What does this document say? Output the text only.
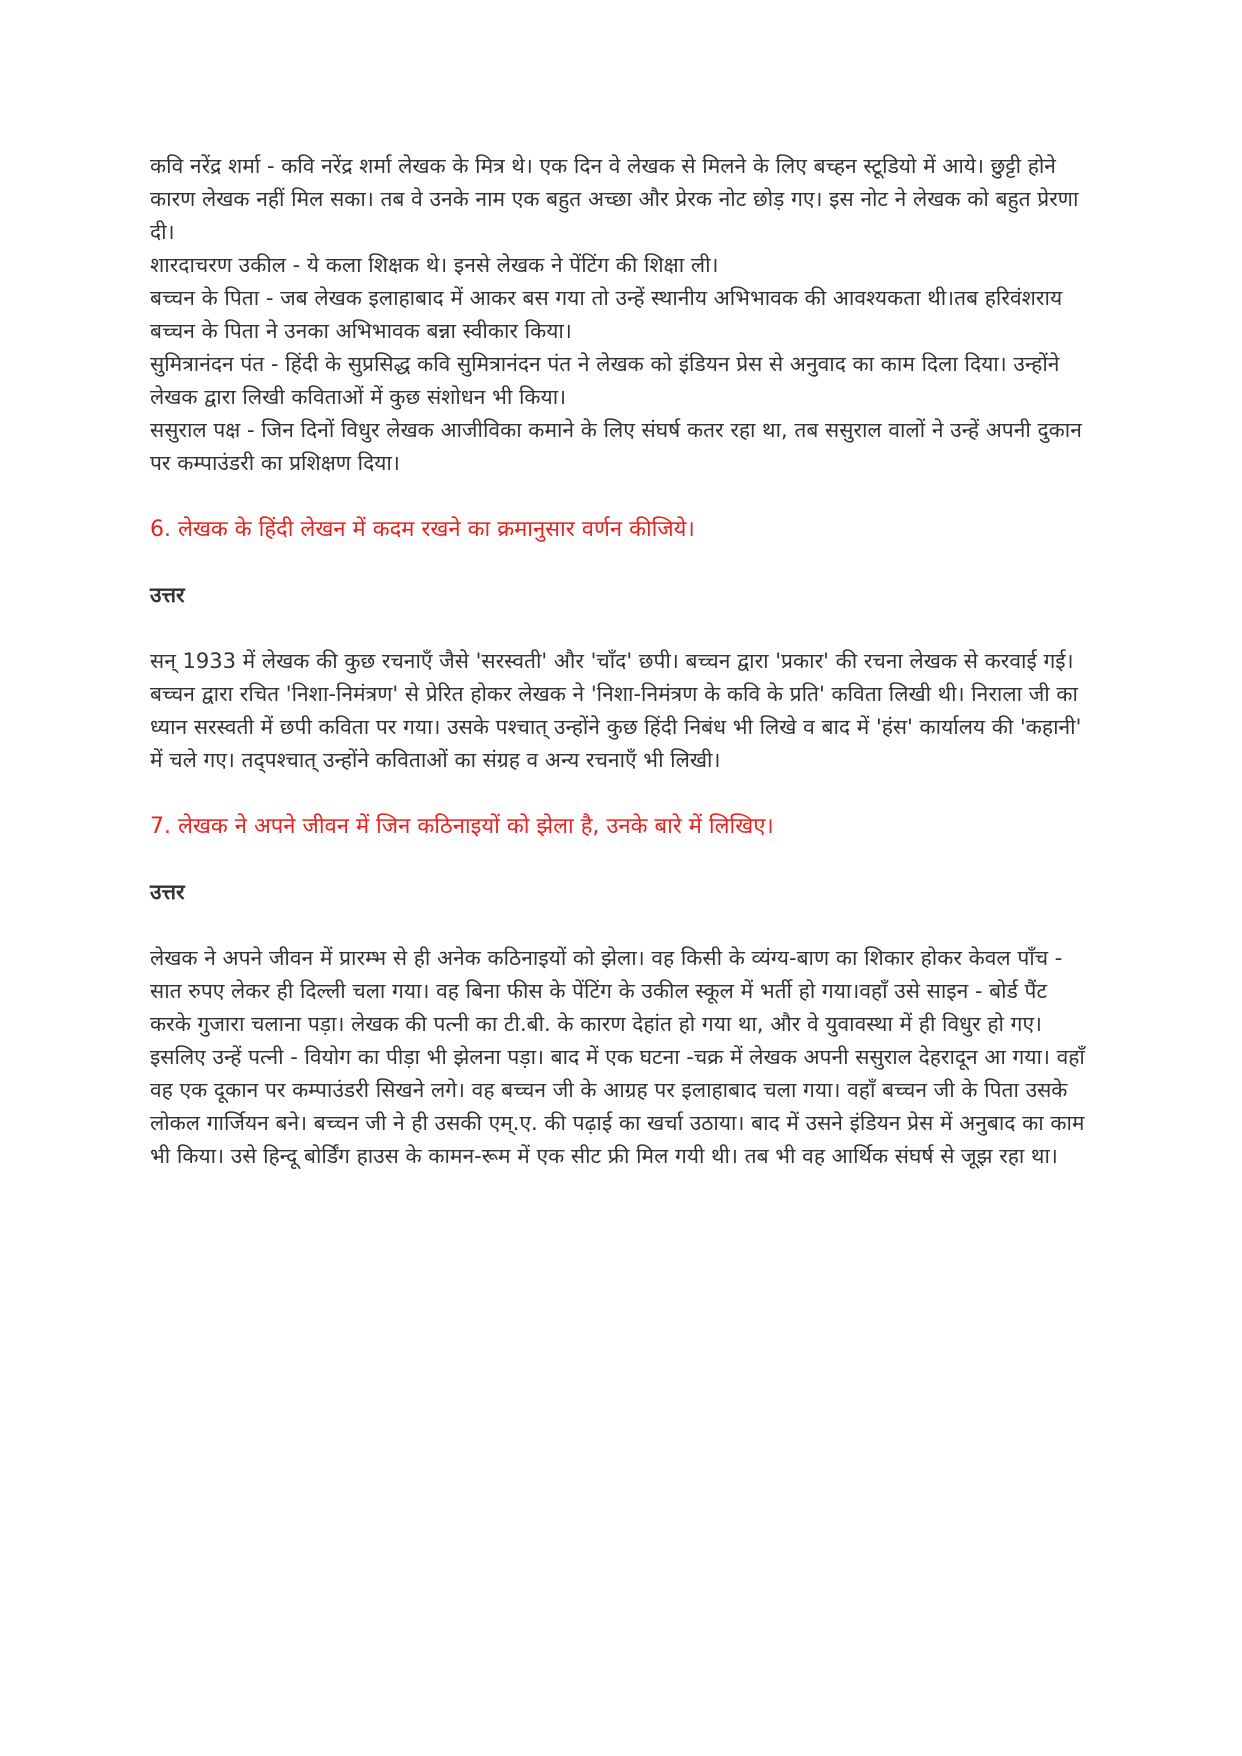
कवि नरेंद्र शर्मा - कवि नरेंद्र शर्मा लेखक के मित्र थे। एक दिन वे लेखक से मिलने के लिए बच्हन स्टूडियो में आये। छुट्टी होने कारण लेखक नहीं मिल सका। तब वे उनके नाम एक बहुत अच्छा और प्रेरक नोट छोड़ गए। इस नोट ने लेखक को बहुत प्रेरणा दी।

शारदाचरण उकील - ये कला शिक्षक थे। इनसे लेखक ने पेंटिंग की शिक्षा ली।

बच्चन के पिता - जब लेखक इलाहाबाद में आकर बस गया तो उन्हें स्थानीय अभिभावक की आवश्यकता थी।तब हरिवंशराय बच्चन के पिता ने उनका अभिभावक बन्ना स्वीकार किया।

सुमित्रानंदन पंत - हिंदी के सुप्रसिद्ध कवि सुमित्रानंदन पंत ने लेखक को इंडियन प्रेस से अनुवाद का काम दिला दिया। उन्होंने लेखक द्वारा लिखी कविताओं में कुछ संशोधन भी किया।

ससुराल पक्ष - जिन दिनों विधुर लेखक आजीविका कमाने के लिए संघर्ष कतर रहा था, तब ससुराल वालों ने उन्हें अपनी दुकान पर कम्पाउंडरी का प्रशिक्षण दिया।

6. लेखक के हिंदी लेखन में कदम रखने का क्रमानुसार वर्णन कीजिये।

उत्तर

सन् 1933 में लेखक की कुछ रचनाएँ जैसे 'सरस्वती' और 'चाँद' छपी। बच्चन द्वारा 'प्रकार' की रचना लेखक से करवाई गई। बच्चन द्वारा रचित 'निशा-निमंत्रण' से प्रेरित होकर लेखक ने 'निशा-निमंत्रण के कवि के प्रति' कविता लिखी थी। निराला जी का ध्यान सरस्वती में छपी कविता पर गया। उसके पश्चात् उन्होंने कुछ हिंदी निबंध भी लिखे व बाद में 'हंस' कार्यालय की 'कहानी' में चले गए। तद्पश्चात् उन्होंने कविताओं का संग्रह व अन्य रचनाएँ भी लिखी।

7. लेखक ने अपने जीवन में जिन कठिनाइयों को झेला है, उनके बारे में लिखिए।

उत्तर

लेखक ने अपने जीवन में प्रारम्भ से ही अनेक कठिनाइयों को झेला। वह किसी के व्यंग्य-बाण का शिकार होकर केवल पाँच - सात रुपए लेकर ही दिल्ली चला गया। वह बिना फीस के पेंटिंग के उकील स्कूल में भर्ती हो गया।वहाँ उसे साइन - बोर्ड पैंट करके गुजारा चलाना पड़ा। लेखक की पत्नी का टी.बी. के कारण देहांत हो गया था, और वे युवावस्था में ही विधुर हो गए। इसलिए उन्हें पत्नी - वियोग का पीड़ा भी झेलना पड़ा। बाद में एक घटना -चक्र में लेखक अपनी ससुराल देहरादून आ गया। वहाँ वह एक दूकान पर कम्पाउंडरी सिखने लगे। वह बच्चन जी के आग्रह पर इलाहाबाद चला गया। वहाँ बच्चन जी के पिता उसके लोकल गार्जियन बने। बच्चन जी ने ही उसकी एम्.ए. की पढ़ाई का खर्चा उठाया। बाद में उसने इंडियन प्रेस में अनुबाद का काम भी किया। उसे हिन्दू बोर्डिंग हाउस के कामन-रूम में एक सीट फ्री मिल गयी थी। तब भी वह आर्थिक संघर्ष से जूझ रहा था।
